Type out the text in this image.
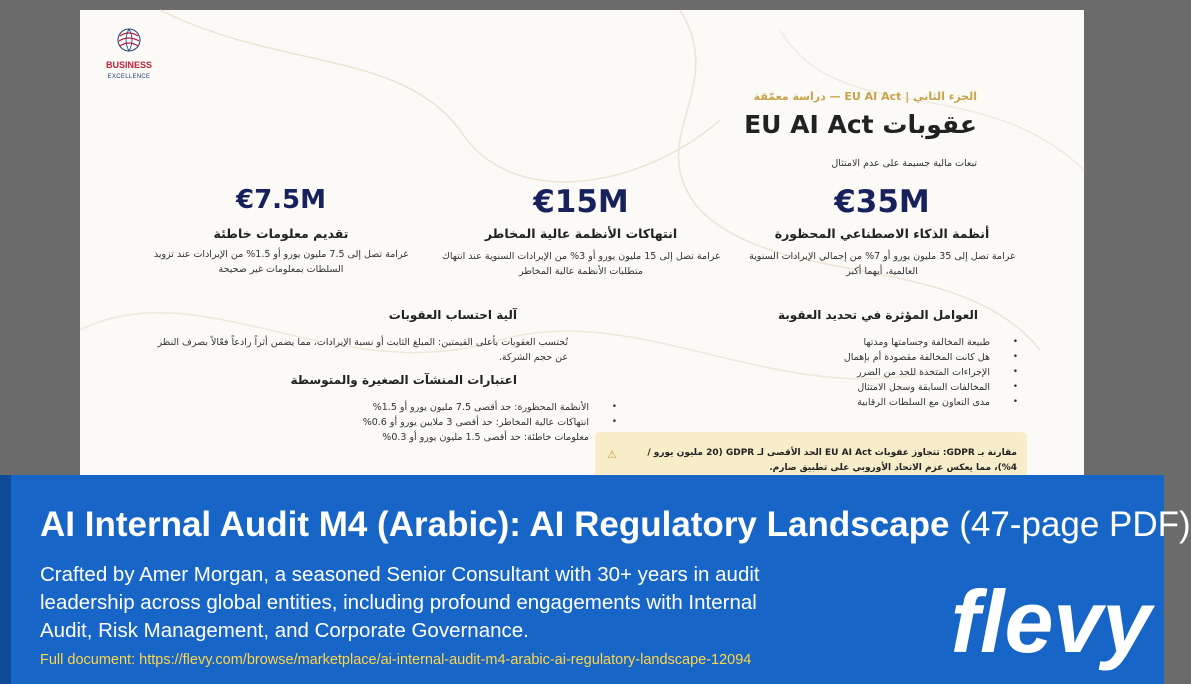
BUSINESS
EXCELLENCE
الجزء الثاني | EU AI Act — دراسة معمّقة
عقوبات EU AI Act
تبعات مالية جسيمة على عدم الامتثال
€35M
أنظمة الذكاء الاصطناعي المحظورة
غرامة تصل إلى 35 مليون يورو أو 7% من إجمالي الإيرادات السنوية العالمية، أيهما أكبر
€15M
انتهاكات الأنظمة عالية المخاطر
غرامة تصل إلى 15 مليون يورو أو 3% من الإيرادات السنوية عند انتهاك متطلبات الأنظمة عالية المخاطر
€7.5M
تقديم معلومات خاطئة
غرامة تصل إلى 7.5 مليون يورو أو 1.5% من الإيرادات عند تزويد السلطات بمعلومات غير صحيحة
العوامل المؤثرة في تحديد العقوبة
•
طبيعة المخالفة وجسامتها ومدتها
•
هل كانت المخالفة مقصودة أم بإهمال
•
الإجراءات المتخذة للحد من الضرر
•
المخالفات السابقة وسجل الامتثال
•
مدى التعاون مع السلطات الرقابية
آلية احتساب العقوبات
تُحتسب العقوبات بأعلى القيمتين: المبلغ الثابت أو نسبة الإيرادات، مما يضمن أثراً رادعاً فعّالاً بصرف النظر عن حجم الشركة.
اعتبارات المنشآت الصغيرة والمتوسطة
•
الأنظمة المحظورة: حد أقصى 7.5 مليون يورو أو 1.5%
•
انتهاكات عالية المخاطر: حد أقصى 3 ملايين يورو أو 0.6%
معلومات خاطئة: حد أقصى 1.5 مليون يورو أو 0.3%
⚠	مقارنة بـ GDPR: تتجاوز عقوبات EU AI Act الحد الأقصى لـ GDPR (20 مليون يورو / 4%)، مما يعكس عزم الاتحاد الأوروبي على تطبيق صارم.
AI Internal Audit M4 (Arabic): AI Regulatory Landscape (47-page PDF)
Crafted by Amer Morgan, a seasoned Senior Consultant with 30+ years in audit leadership across global entities, including profound engagements with Internal Audit, Risk Management, and Corporate Governance.
Full document: https://flevy.com/browse/marketplace/ai-internal-audit-m4-arabic-ai-regulatory-landscape-12094 flevy
